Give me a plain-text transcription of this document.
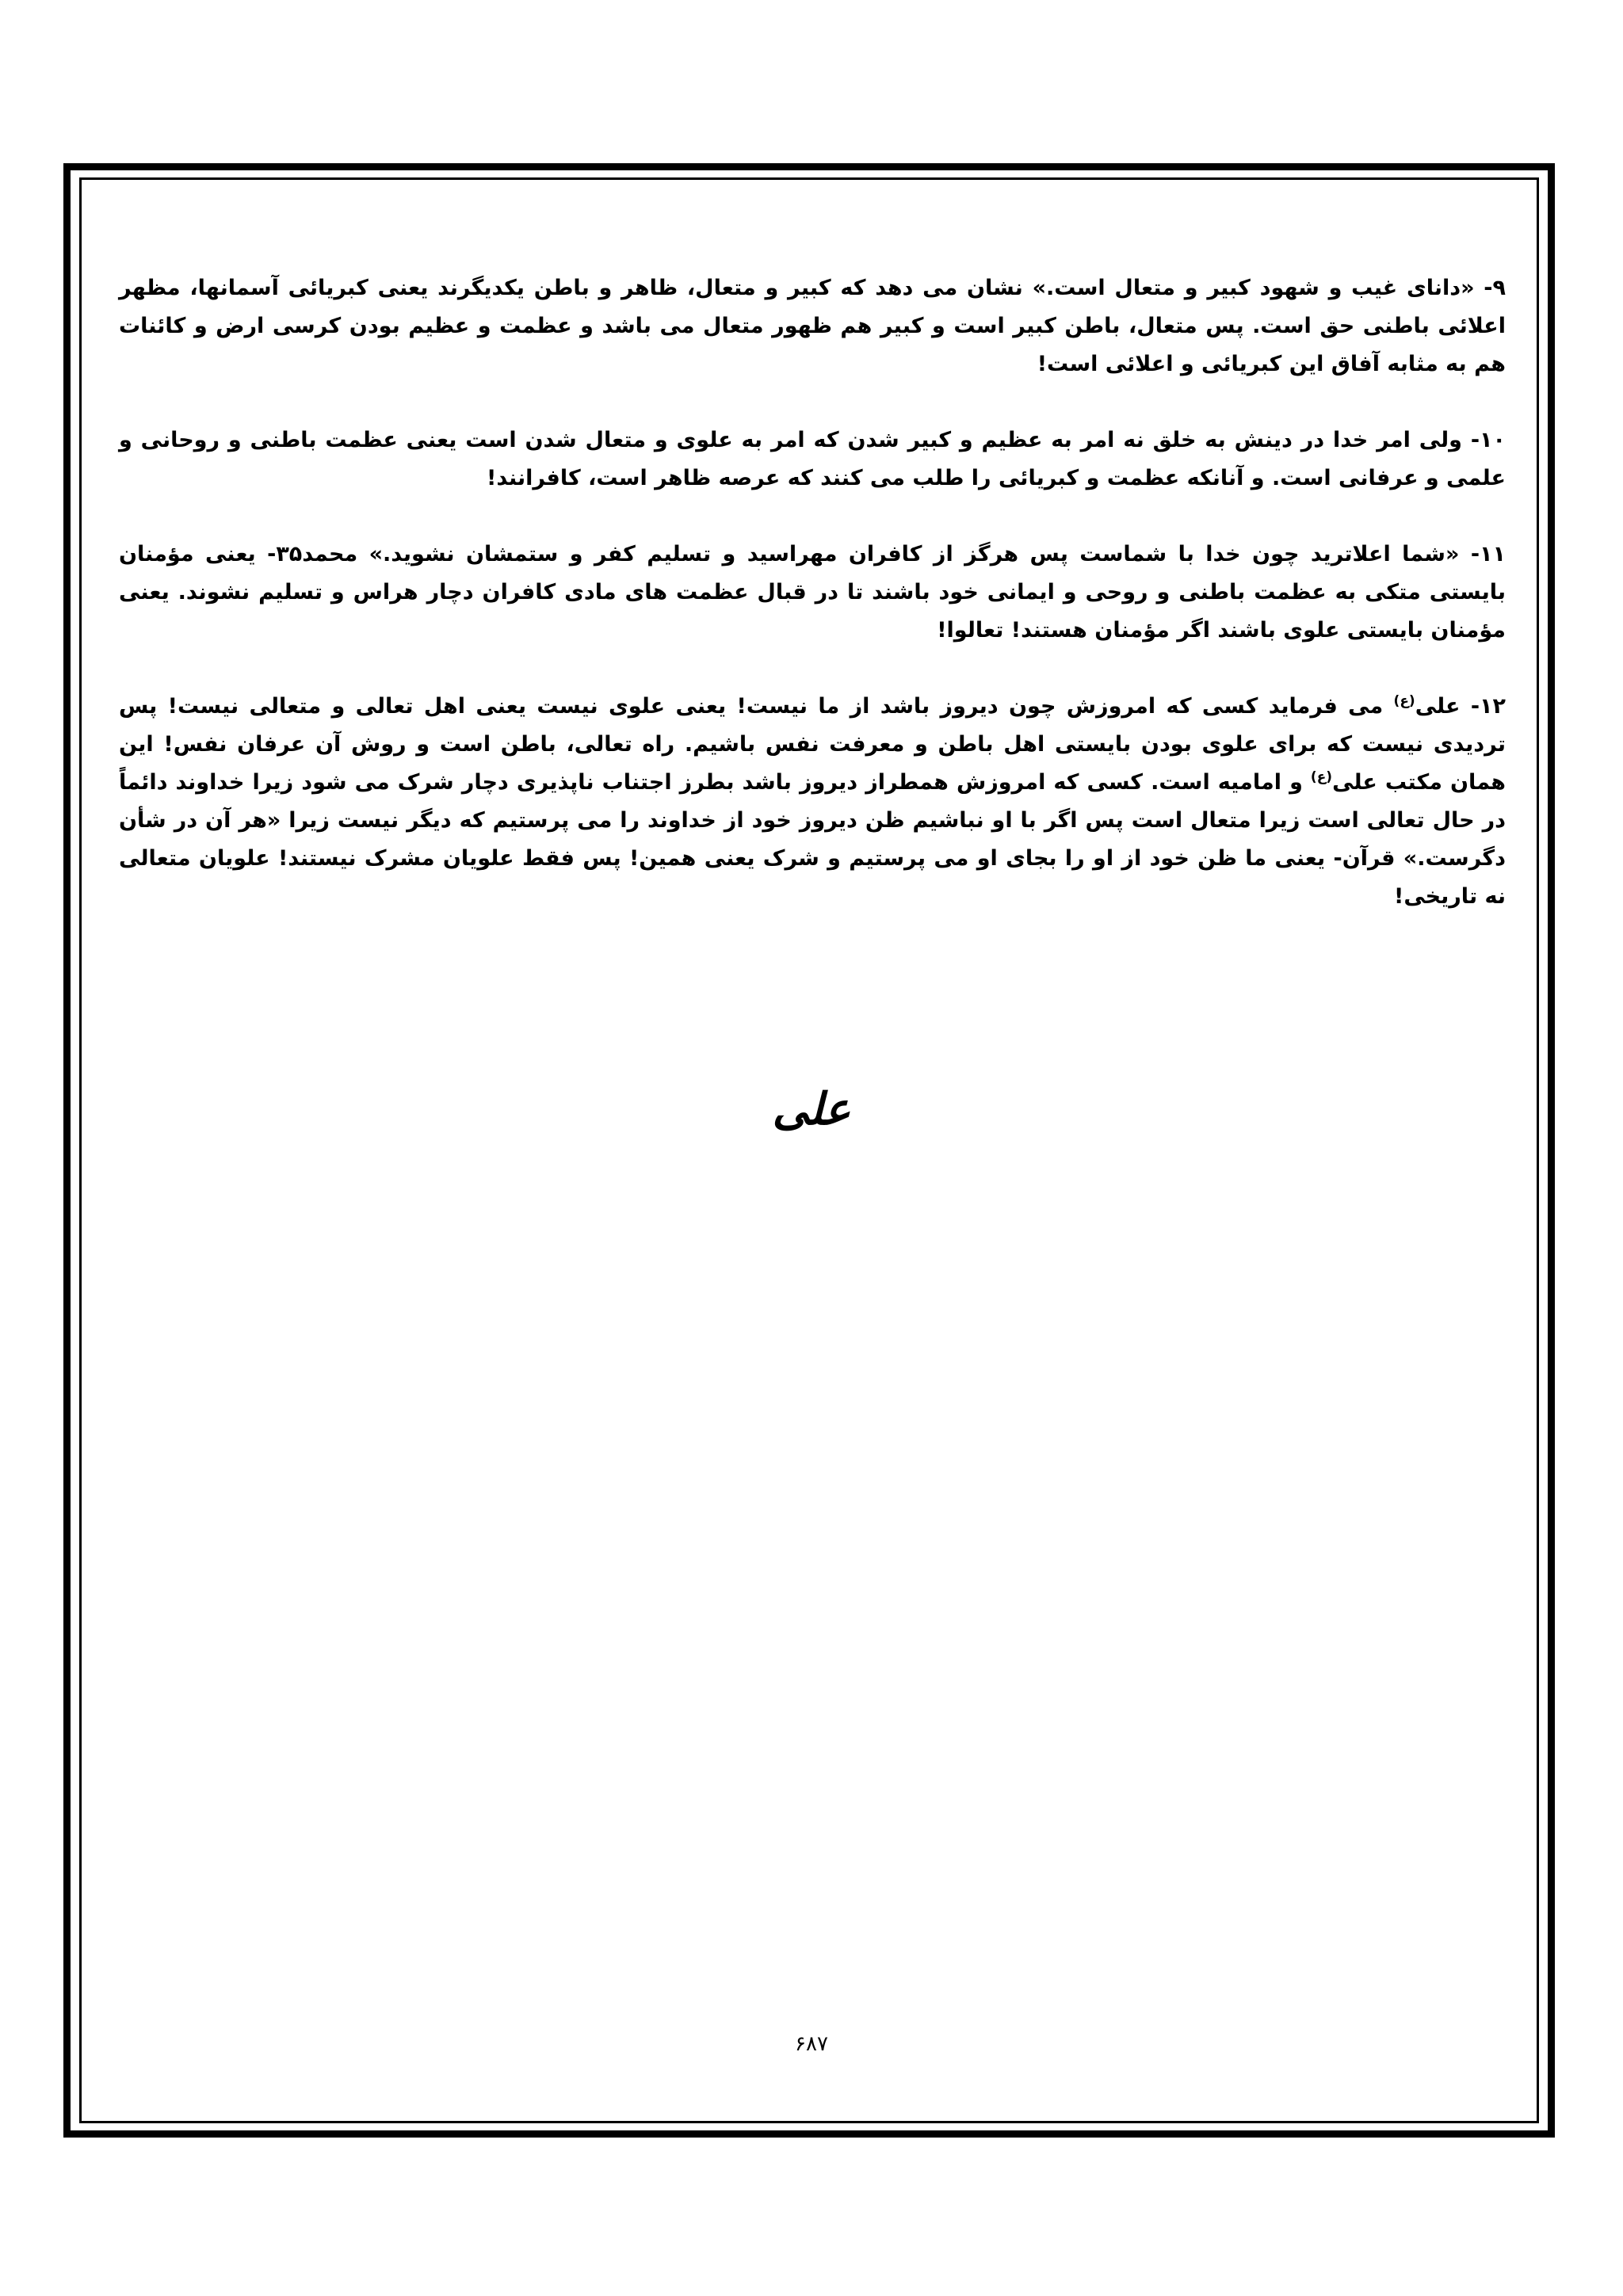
۹- «دانای غیب و شهود کبیر و متعال است.» نشان می دهد که کبیر و متعال، ظاهر و باطن یکدیگرند یعنی کبریائی آسمانها، مظهر اعلائی باطنی حق است. پس متعال، باطن کبیر است و کبیر هم ظهور متعال می باشد و عظمت و عظیم بودن کرسی ارض و کائنات هم به مثابه آفاق این کبریائی و اعلائی است!

۱۰- ولی امر خدا در دینش به خلق نه امر به عظیم و کبیر شدن که امر به علوی و متعال شدن است یعنی عظمت باطنی و روحانی و علمی و عرفانی است. و آنانکه عظمت و کبریائی را طلب می کنند که عرصه ظاهر است، کافرانند!

۱۱- «شما اعلاترید چون خدا با شماست پس هرگز از کافران مهراسید و تسلیم کفر و ستمشان نشوید.» محمد۳۵- یعنی مؤمنان بایستی متکی به عظمت باطنی و روحی و ایمانی خود باشند تا در قبال عظمت های مادی کافران دچار هراس و تسلیم نشوند. یعنی مؤمنان بایستی علوی باشند اگر مؤمنان هستند! تعالوا!

۱۲- علی$^{(ع)}$ می فرماید کسی که امروزش چون دیروز باشد از ما نیست! یعنی علوی نیست یعنی اهل تعالی و متعالی نیست! پس تردیدی نیست که برای علوی بودن بایستی اهل باطن و معرفت نفس باشیم. راه تعالی، باطن است و روش آن عرفان نفس! این همان مکتب علی$^{(ع)}$ و امامیه است. کسی که امروزش همطراز دیروز باشد بطرز اجتناب ناپذیری دچار شرک می شود زیرا خداوند دائماً در حال تعالی است زیرا متعال است پس اگر با او نباشیم ظن دیروز خود از خداوند را می پرستیم که دیگر نیست زیرا «هر آن در شأن دگرست.» قرآن- یعنی ما ظن خود از او را بجای او می پرستیم و شرک یعنی همین! پس فقط علویان مشرک نیستند! علویان متعالی نه تاریخی!

علی
۶۸۷
